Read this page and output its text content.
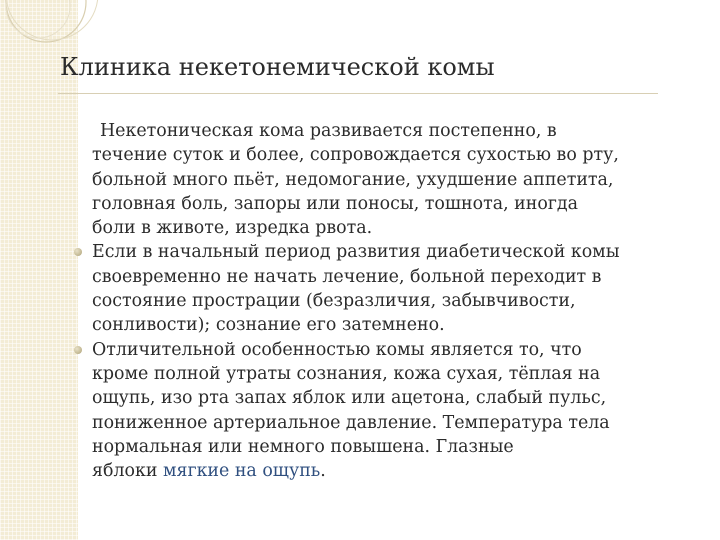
Клиника некетонемической комы
Некетоническая кома развивается постепенно, в
течение суток и более, сопровождается сухостью во рту,
больной много пьёт, недомогание, ухудшение аппетита,
головная боль, запоры или поносы, тошнота, иногда
боли в животе, изредка рвота.
Если в начальный период развития диабетической комы
своевременно не начать лечение, больной переходит в
состояние прострации (безразличия, забывчивости,
сонливости); сознание его затемнено.
Отличительной особенностью комы является то, что
кроме полной утраты сознания, кожа сухая, тёплая на
ощупь, изо рта запах яблок или ацетона, слабый пульс,
пониженное артериальное давление. Температура тела
нормальная или немного повышена. Глазные
яблоки мягкие на ощупь.
